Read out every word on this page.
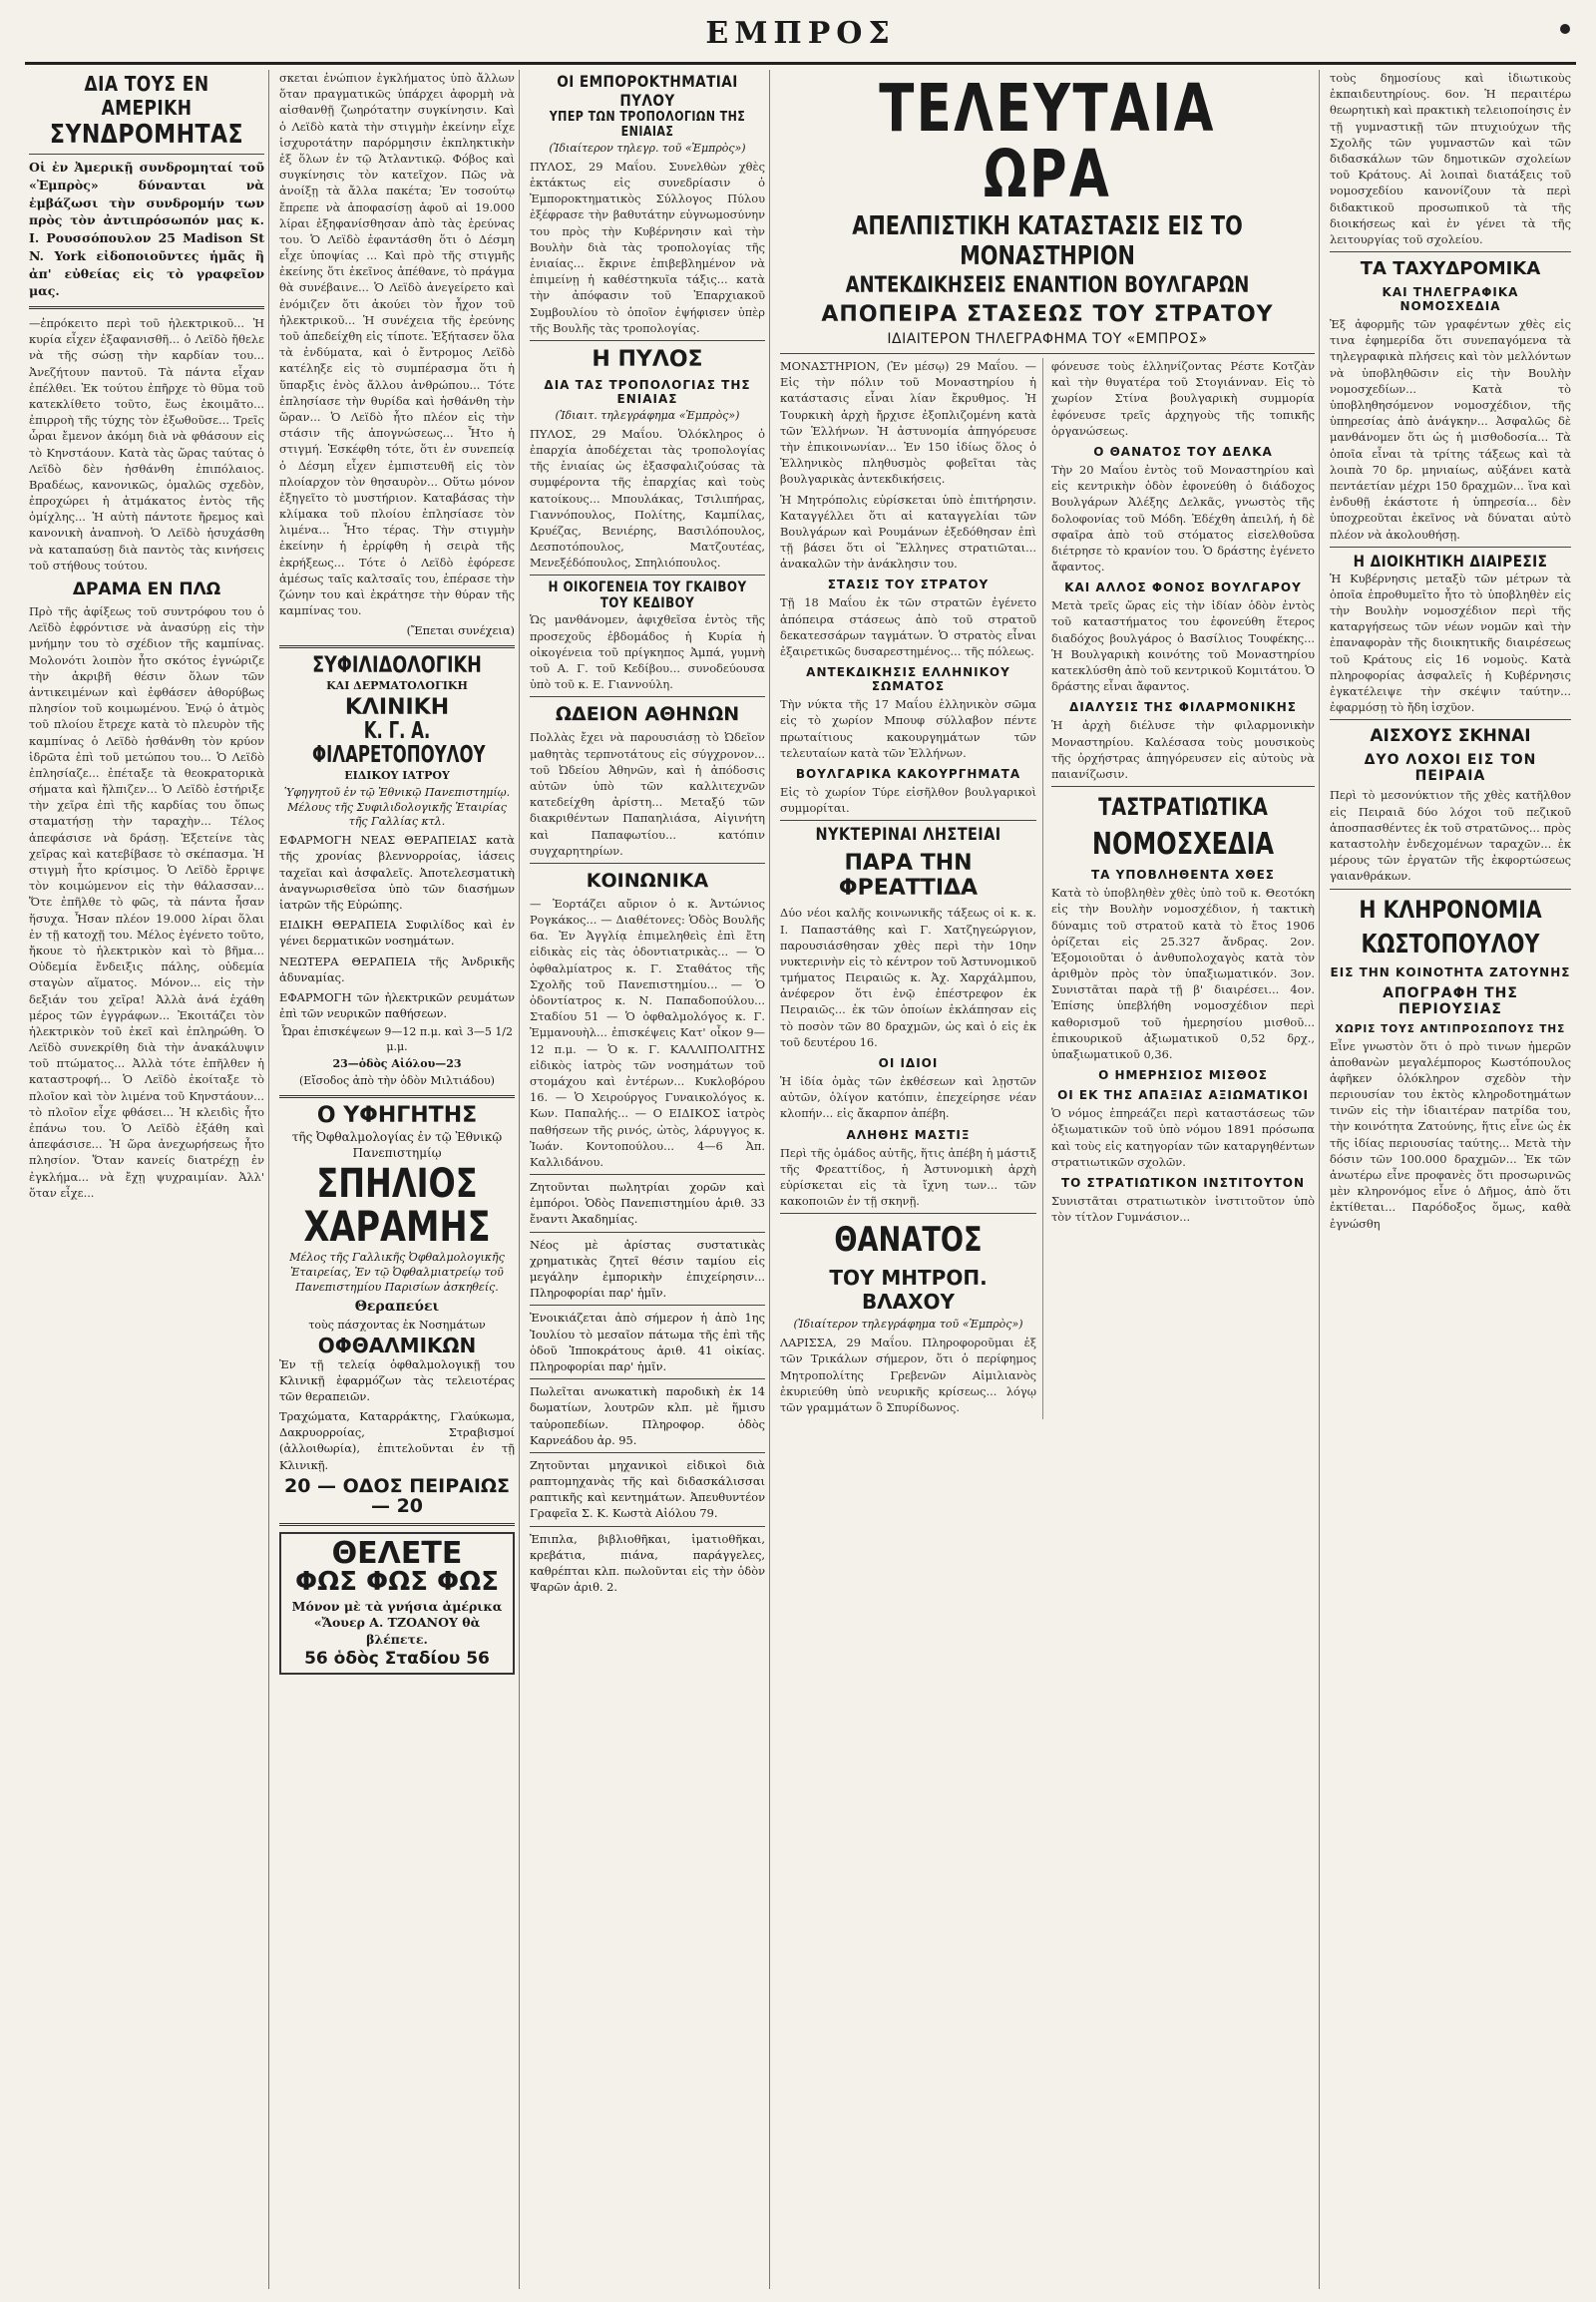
ΕΜΠΡΟΣ
ΔΙΑ ΤΟΥΣ ΕΝ ΑΜΕΡΙΚΗ
ΣΥΝΔΡΟΜΗΤΑΣ

Οἱ ἐν Ἀμερικῇ συνδρομηταί τοῦ «Ἐμπρὸς» δύνανται νὰ ἐμβάζωσι τὴν συνδρομήν των πρὸς τὸν ἀντιπρόσωπόν μας κ. Ι. Ρουσσόπουλον 25 Madison St N. York εἰδοποιοῦντες ἡμᾶς ἢ ἀπ' εὐθείας εἰς τὸ γραφεῖον μας.

—ἐπρόκειτο περὶ τοῦ ἠλεκτρικοῦ... Ἡ κυρία εἶχεν ἐξαφανισθῆ... ὁ Λεϊδὸ ἤθελε νὰ τῆς σώσῃ τὴν καρδίαν του... Ἀνεζήτουν παντοῦ. Τὰ πάντα εἶχαν ἐπέλθει. Ἐκ τούτου ἐπῆρχε τὸ θῦμα τοῦ κατεκλίθετο τοῦτο, ἕως ἐκοιμᾶτο... ἐπιρροὴ τῆς τύχης τὸν ἐξωθοῦσε... Τρεῖς ὧραι ἔμενον ἀκόμη διὰ νὰ φθάσουν εἰς τὸ Κηνστάουν. Κατὰ τὰς ὥρας ταύτας ὁ Λεϊδὸ δὲν ἠσθάνθη ἐπιπόλαιος. Βραδέως, κανονικῶς, ὁμαλῶς σχεδὸν, ἐπροχώρει ἡ ἀτμάκατος ἐντὸς τῆς ὁμίχλης... Ἡ αὐτὴ πάντοτε ἤρεμος καὶ κανονικὴ ἀναπνοὴ. Ὁ Λεϊδὸ ἡσυχάσθη νὰ καταπαύσῃ διὰ παντὸς τὰς κινήσεις τοῦ στήθους τούτου.

ΔΡΑΜΑ ΕΝ ΠΛΩ

Πρὸ τῆς ἀφίξεως τοῦ συντρόφου του ὁ Λεϊδὸ ἐφρόντισε νὰ ἀνασύρῃ εἰς τὴν μνήμην του τὸ σχέδιον τῆς καμπίνας. Μολονότι λοιπὸν ἦτο σκότος ἐγνώριζε τὴν ἀκριβῆ θέσιν ὅλων τῶν ἀντικειμένων καὶ ἐφθάσεν ἀθορύβως πλησίον τοῦ κοιμωμένου. Ἐνῴ ὁ ἀτμὸς τοῦ πλοίου ἔτρεχε κατὰ τὸ πλευρὸν τῆς καμπίνας ὁ Λεϊδὸ ἠσθάνθη τὸν κρύον ἱδρῶτα ἐπὶ τοῦ μετώπου του... Ὁ Λεϊδὸ ἐπλησίαζε... ἐπέταξε τὰ θεοκρατορικὰ σήματα καὶ ἤλπιζεν... Ὁ Λεϊδὸ ἐστήριξε τὴν χεῖρα ἐπὶ τῆς καρδίας του ὅπως σταματήσῃ τὴν ταραχὴν... Τέλος ἀπεφάσισε νὰ δράσῃ. Ἐξετείνε τὰς χεῖρας καὶ κατεβίβασε τὸ σκέπασμα. Ἡ στιγμὴ ἦτο κρίσιμος. Ὁ Λεϊδὸ ἔρριψε τὸν κοιμώμενον εἰς τὴν θάλασσαν... Ὅτε ἐπῆλθε τὸ φῶς, τὰ πάντα ἦσαν ἥσυχα. Ἦσαν πλέον 19.000 λίραι ὅλαι ἐν τῇ κατοχῇ του. Μέλος ἐγένετο τοῦτο, ἤκουε τὸ ἠλεκτρικὸν καὶ τὸ βῆμα... Οὐδεμία ἔνδειξις πάλης, οὐδεμία σταγὼν αἵματος. Μόνον... εἰς τὴν δεξιάν του χεῖρα! Ἀλλὰ ἀνά ἐχάθη μέρος τῶν ἐγγράφων... Ἐκοιτάζει τὸν ἠλεκτρικὸν τοῦ ἐκεῖ καὶ ἐπληρώθη. Ὁ Λεϊδὸ συνεκρίθη διὰ τὴν ἀνακάλυψιν τοῦ πτώματος... Ἀλλὰ τότε ἐπῆλθεν ἡ καταστροφή... Ὁ Λεϊδὸ ἐκοίταξε τὸ πλοῖον καὶ τὸν λιμένα τοῦ Κηνστάουν... τὸ πλοῖον εἶχε φθάσει... Ἡ κλειδὶς ἦτο ἐπάνω του. Ὁ Λεϊδὸ ἐξάθη καὶ ἀπεφάσισε... Ἡ ὥρα ἀνεχωρήσεως ἦτο πλησίον. Ὅταν κανείς διατρέχῃ ἐν ἐγκλήμα... νὰ ἔχῃ ψυχραιμίαν. Ἀλλ' ὅταν εἶχε...

σκεται ἐνώπιον ἐγκλήματος ὑπὸ ἄλλων ὅταν πραγματικῶς ὑπάρχει ἀφορμὴ νὰ αἰσθανθῇ ζωηρότατην συγκίνησιν. Καὶ ὁ Λεϊδὸ κατὰ τὴν στιγμὴν ἐκείνην εἶχε ἰσχυροτάτην παρόρμησιν ἐκπληκτικὴν ἐξ ὅλων ἐν τῷ Ἀτλαντικῷ. Φόβος καὶ συγκίνησις τὸν κατεῖχον. Πῶς νὰ ἀνοίξῃ τὰ ἄλλα πακέτα; Ἐν τοσούτῳ ἔπρεπε νὰ ἀποφασίσῃ ἀφοῦ αἱ 19.000 λίραι ἐξηφανίσθησαν ἀπὸ τὰς ἐρεύνας του. Ὁ Λεϊδὸ ἐφαντάσθη ὅτι ὁ Δέσμη εἶχε ὑποψίας ... Καὶ πρὸ τῆς στιγμῆς ἐκείνης ὅτι ἐκεῖνος ἀπέθανε, τὸ πράγμα θὰ συνέβαινε... Ὁ Λεϊδὸ ἀνεγείρετο καὶ ἐνόμιζεν ὅτι ἀκούει τὸν ἦχον τοῦ ἠλεκτρικοῦ... Ἡ συνέχεια τῆς ἐρεύνης τοῦ ἀπεδείχθη εἰς τίποτε. Ἐξήτασεν ὅλα τὰ ἐνδύματα, καὶ ὁ ἔντρομος Λεϊδὸ κατέληξε εἰς τὸ συμπέρασμα ὅτι ἡ ὕπαρξις ἑνὸς ἄλλου ἀνθρώπου... Τότε ἐπλησίασε τὴν θυρίδα καὶ ἠσθάνθη τὴν ὥραν... Ὁ Λεϊδὸ ἦτο πλέον εἰς τὴν στάσιν τῆς ἀπογνώσεως... Ἦτο ἡ στιγμή. Ἐσκέφθη τότε, ὅτι ἐν συνεπείᾳ ὁ Δέσμη εἶχεν ἐμπιστευθῆ εἰς τὸν πλοίαρχον τὸν θησαυρὸν... Οὕτω μόνον ἐξηγεῖτο τὸ μυστήριον. Καταβάσας τὴν κλίμακα τοῦ πλοίου ἐπλησίασε τὸν λιμένα... Ἦτο τέρας. Τὴν στιγμὴν ἐκείνην ἡ ἐρρίφθη ἡ σειρὰ τῆς ἐκρήξεως... Τότε ὁ Λεϊδὸ ἐφόρεσε ἀμέσως ταῖς καλτσαῖς του, ἐπέρασε τὴν ζώνην του καὶ ἐκράτησε τὴν θύραν τῆς καμπίνας του.

(Ἔπεται συνέχεια)

ΣΥΦΙΛΙΔΟΛΟΓΙΚΗ
ΚΑΙ ΔΕΡΜΑΤΟΛΟΓΙΚΗ
ΚΛΙΝΙΚΗ
Κ. Γ. Α. ΦΙΛΑΡΕΤΟΠΟΥΛΟΥ
ΕΙΔΙΚΟΥ ΙΑΤΡΟΥ
Ὑφηγητοῦ ἐν τῷ Ἐθνικῷ Πανεπιστημίῳ. Μέλους τῆς Συφιλιδολογικῆς Ἑταιρίας τῆς Γαλλίας κτλ.

ΕΦΑΡΜΟΓΗ ΝΕΑΣ ΘΕΡΑΠΕΙΑΣ κατὰ τῆς χρονίας βλεννορροίας, ἰάσεις ταχεῖαι καὶ ἀσφαλεῖς. Ἀποτελεσματικὴ ἀναγνωρισθεῖσα ὑπὸ τῶν διασήμων ἰατρῶν τῆς Εὐρώπης.

ΕΙΔΙΚΗ ΘΕΡΑΠΕΙΑ Συφιλίδος καὶ ἐν γένει δερματικῶν νοσημάτων.

ΝΕΩΤΕΡΑ ΘΕΡΑΠΕΙΑ τῆς Ἀνδρικῆς ἀδυναμίας.

ΕΦΑΡΜΟΓΗ τῶν ἠλεκτρικῶν ρευμάτων ἐπὶ τῶν νευρικῶν παθήσεων.

Ὧραι ἐπισκέψεων 9—12 π.μ. καὶ 3—5 1/2 μ.μ.
23—ὁδὸς Αἰόλου—23
(Εἴσοδος ἀπὸ τὴν ὁδὸν Μιλτιάδου)
Ο ΥΦΗΓΗΤΗΣ
τῆς Ὀφθαλμολογίας ἐν τῷ Ἐθνικῷ Πανεπιστημίῳ
ΣΠΗΛΙΟΣ
ΧΑΡΑΜΗΣ
Μέλος τῆς Γαλλικῆς Ὀφθαλμολογικῆς Ἑταιρείας, Ἐν τῷ Ὀφθαλμιατρείῳ τοῦ Πανεπιστημίου Παρισίων ἀσκηθείς.
Θεραπεύει
τοὺς πάσχοντας ἐκ Νοσημάτων
ΟΦΘΑΛΜΙΚΩΝ

Ἐν τῇ τελείᾳ ὀφθαλμολογικῇ του Κλινικῇ ἐφαρμόζων τὰς τελειοτέρας τῶν θεραπειῶν.

Τραχώματα, Καταρράκτης, Γλαύκωμα, Δακρυορροίας, Στραβισμοί (ἀλλοιθωρία), ἐπιτελοῦνται ἐν τῇ Κλινικῇ.

20 — ΟΔΟΣ ΠΕΙΡΑΙΩΣ — 20
ΘΕΛΕΤΕ
ΦΩΣ ΦΩΣ ΦΩΣ
Μόνον μὲ τὰ γνήσια ἀμέρικα «Ἄουερ Α. ΤΖΟΑΝΟΥ θὰ βλέπετε.
56 ὁδὸς Σταδίου 56
ΟΙ ΕΜΠΟΡΟΚΤΗΜΑΤΙΑΙ ΠΥΛΟΥ
ΥΠΕΡ ΤΩΝ ΤΡΟΠΟΛΟΓΙΩΝ ΤΗΣ ΕΝΙΑΙΑΣ
(Ἰδιαίτερον τηλεγρ. τοῦ «Ἐμπρὸς»)

ΠΥΛΟΣ, 29 Μαΐου. Συνελθὼν χθὲς ἐκτάκτως εἰς συνεδρίασιν ὁ Ἐμποροκτηματικὸς Σύλλογος Πύλου ἐξέφρασε τὴν βαθυτάτην εὐγνωμοσύνην του πρὸς τὴν Κυβέρνησιν καὶ τὴν Βουλὴν διὰ τὰς τροπολογίας τῆς ἑνιαίας... ἔκρινε ἐπιβεβλημένον νὰ ἐπιμείνῃ ἡ καθέστηκυῖα τάξις... κατὰ τὴν ἀπόφασιν τοῦ Ἐπαρχιακοῦ Συμβουλίου τὸ ὁποῖον ἐψήφισεν ὑπὲρ τῆς Βουλῆς τὰς τροπολογίας.

Η ΠΥΛΟΣ
ΔΙΑ ΤΑΣ ΤΡΟΠΟΛΟΓΙΑΣ ΤΗΣ ΕΝΙΑΙΑΣ
(Ἰδιαιτ. τηλεγράφημα «Ἐμπρὸς»)

ΠΥΛΟΣ, 29 Μαΐου. Ὁλόκληρος ὁ ἐπαρχία ἀποδέχεται τὰς τροπολογίας τῆς ἑνιαίας ὡς ἐξασφαλιζούσας τὰ συμφέροντα τῆς ἐπαρχίας καὶ τοὺς κατοίκους... Μπουλάκας, Τσιλιπήρας, Γιαννόπουλος, Πολίτης, Καμπίλας, Κρυέζας, Βενιέρης, Βασιλόπουλος, Δεσποτόπουλος, Ματζουτέας, Μενεξέδόπουλος, Σπηλιόπουλος.

Η ΟΙΚΟΓΕΝΕΙΑ ΤΟΥ ΓΚΑΙΒΟΥ ΤΟΥ ΚΕΔΙΒΟΥ

Ὡς μανθάνομεν, ἀφιχθεῖσα ἐντὸς τῆς προσεχοῦς ἑβδομάδος ἡ Κυρία ἡ οἰκογένεια τοῦ πρίγκηπος Ἀμπά, γυμνὴ τοῦ Α. Γ. τοῦ Κεδίβου... συνοδεύουσα ὑπὸ τοῦ κ. Ε. Γιαννούλη.

ΩΔΕΙΟΝ ΑΘΗΝΩΝ

Πολλὰς ἔχει νὰ παρουσιάσῃ τὸ Ὠδεῖον μαθητὰς τερπνοτάτους εἰς σύγχρονον... τοῦ Ὠδείου Ἀθηνῶν, καὶ ἡ ἀπόδοσις αὐτῶν ὑπὸ τῶν καλλιτεχνῶν κατεδείχθη ἀρίστη... Μεταξύ τῶν διακριθέντων Παπαηλιάσα, Αἰγινήτη καὶ Παπαφωτίου... κατόπιν συγχαρητηρίων.

ΚΟΙΝΩΝΙΚΑ

— Ἐορτάζει αὔριον ὁ κ. Ἀντώνιος Ρογκάκος... — Διαθέτονες: Ὁδὸς Βουλῆς 6α. Ἐν Ἀγγλίᾳ ἐπιμεληθεὶς ἐπὶ ἔτη εἰδικὰς εἰς τὰς ὀδοντιατρικὰς... — Ὁ ὀφθαλμίατρος κ. Γ. Σταθάτος τῆς Σχολῆς τοῦ Πανεπιστημίου... — Ὁ ὀδοντίατρος κ. Ν. Παπαδοπούλου... Σταδίου 51 — Ὁ ὀφθαλμολόγος κ. Γ. Ἐμμανουὴλ... ἐπισκέψεις Κατ' οἶκον 9—12 π.μ. — Ὁ κ. Γ. ΚΑΛΛΙΠΟΛΙΤΗΣ εἰδικὸς ἰατρὸς τῶν νοσημάτων τοῦ στομάχου καὶ ἐντέρων... Κυκλοβόρου 16. — Ὁ Χειρούργος Γυναικολόγος κ. Κων. Παπαλής... — Ο ΕΙΔΙΚΟΣ ἰατρὸς παθήσεων τῆς ρινός, ὠτὸς, λάρυγγος κ. Ἰωάν. Κοντοπούλου... 4—6 Ἀπ. Καλλιδάνου.

Ζητοῦνται πωλητρίαι χορῶν καὶ ἐμπόροι. Ὁδὸς Πανεπιστημίου ἀριθ. 33 ἔναντι Ἀκαδημίας.

Νέος μὲ ἀρίστας συστατικὰς χρηματικὰς ζητεῖ θέσιν ταμίου εἰς μεγάλην ἐμπορικὴν ἐπιχείρησιν... Πληροφορίαι παρ' ἡμῖν.

Ἐνοικιάζεται ἀπὸ σήμερον ἡ ἀπὸ 1ης Ἰουλίου τὸ μεσαῖον πάτωμα τῆς ἐπὶ τῆς ὁδοῦ Ἱπποκράτους ἀριθ. 41 οἰκίας. Πληροφορίαι παρ' ἡμῖν.

Πωλεῖται ανωκατικὴ παροδικὴ ἐκ 14 δωματίων, λουτρῶν κλπ. μὲ ἥμισυ ταὐροπεδίων. Πληροφορ. ὁδὸς Καρνεάδου ἀρ. 95.

Ζητοῦνται μηχανικοὶ εἰδικοὶ διὰ ραπτομηχανὰς τῆς καὶ διδασκάλισσαι ραπτικῆς καὶ κεντημάτων. Ἀπευθυντέον Γραφεῖα Σ. Κ. Κωστὰ Αἰόλου 79.

Ἐπιπλα, βιβλιοθῆκαι, ἱματιοθῆκαι, κρεβάτια, πιάνα, παράγγελες, καθρέπται κλπ. πωλοῦνται εἰς τὴν ὁδὸν Ψαρῶν ἀριθ. 2.

ΤΕΛΕΥΤΑΙΑ ΩΡΑ
ΑΠΕΛΠΙΣΤΙΚΗ ΚΑΤΑΣΤΑΣΙΣ ΕΙΣ ΤΟ ΜΟΝΑΣΤΗΡΙΟΝ
ΑΝΤΕΚΔΙΚΗΣΕΙΣ ΕΝΑΝΤΙΟΝ ΒΟΥΛΓΑΡΩΝ
ΑΠΟΠΕΙΡΑ ΣΤΑΣΕΩΣ ΤΟΥ ΣΤΡΑΤΟΥ
ΙΔΙΑΙΤΕΡΟΝ ΤΗΛΕΓΡΑΦΗΜΑ ΤΟΥ «ΕΜΠΡΟΣ»

ΜΟΝΑΣΤΗΡΙΟΝ, (Ἐν μέσῳ) 29 Μαΐου. — Εἰς τὴν πόλιν τοῦ Μοναστηρίου ἡ κατάστασις εἶναι λίαν ἔκρυθμος. Ἡ Τουρκικὴ ἀρχὴ ἤρχισε ἐξοπλιζομένη κατὰ τῶν Ἑλλήνων. Ἡ ἀστυνομία ἀπηγόρευσε τὴν ἐπικοινωνίαν... Ἐν 150 ἰδίως ὅλος ὁ Ἑλληνικὸς πληθυσμὸς φοβεῖται τὰς βουλγαρικὰς ἀντεκδικήσεις.

Ἡ Μητρόπολις εὑρίσκεται ὑπὸ ἐπιτήρησιν. Καταγγέλλει ὅτι αἱ καταγγελίαι τῶν Βουλγάρων καὶ Ρουμάνων ἐξεδόθησαν ἐπὶ τῇ βάσει ὅτι οἱ Ἕλληνες στρατιῶται... ἀνακαλῶν τὴν ἀνάκλησιν του.

ΣΤΑΣΙΣ ΤΟΥ ΣΤΡΑΤΟΥ

Τῇ 18 Μαΐου ἐκ τῶν στρατῶν ἐγένετο ἀπόπειρα στάσεως ἀπὸ τοῦ στρατοῦ δεκατεσσάρων ταγμάτων. Ὁ στρατὸς εἶναι ἐξαιρετικῶς δυσαρεστημένος... τῆς πόλεως.

ΑΝΤΕΚΔΙΚΗΣΙΣ ΕΛΛΗΝΙΚΟΥ ΣΩΜΑΤΟΣ

Τὴν νύκτα τῆς 17 Μαΐου ἑλληνικὸν σῶμα εἰς τὸ χωρίον Μπουφ σύλλαβον πέντε πρωταίτιους κακουργημάτων τῶν τελευταίων κατὰ τῶν Ἑλλήνων.

ΒΟΥΛΓΑΡΙΚΑ ΚΑΚΟΥΡΓΗΜΑΤΑ

Εἰς τὸ χωρίον Τύρε εἰσῆλθον βουλγαρικοὶ συμμορίται.

ΝΥΚΤΕΡΙΝΑΙ ΛΗΣΤΕΙΑΙ
ΠΑΡΑ ΤΗΝ ΦΡΕΑΤΤΙΔΑ

Δύο νέοι καλῆς κοινωνικῆς τάξεως οἱ κ. κ. Ι. Παπαστάθης καὶ Γ. Χατζηγεώργιον, παρουσιάσθησαν χθὲς περὶ τὴν 10ην νυκτερινὴν εἰς τὸ κέντρον τοῦ Ἀστυνομικοῦ τμήματος Πειραιῶς κ. Ἀχ. Χαρχάλμπου, ἀνέφερον ὅτι ἐνῷ ἐπέστρεφον ἐκ Πειραιῶς... ἐκ τῶν ὁποίων ἐκλάπησαν εἰς τὸ ποσὸν τῶν 80 δραχμῶν, ὡς καὶ ὁ εἰς ἐκ τοῦ δευτέρου 16.

ΟΙ ΙΔΙΟΙ

Ἡ ἰδία ὁμὰς τῶν ἐκθέσεων καὶ λῃστῶν αὐτῶν, ὀλίγον κατόπιν, ἐπεχείρησε νέαν κλοπήν... εἰς ἄκαρπον ἀπέβη.

ΑΛΗΘΗΣ ΜΑΣΤΙΞ

Περὶ τῆς ὁμάδος αὐτῆς, ἥτις ἀπέβη ἡ μάστιξ τῆς Φρεαττίδος, ἡ Ἀστυνομικὴ ἀρχὴ εὑρίσκεται εἰς τὰ ἴχνη των... τῶν κακοποιῶν ἐν τῇ σκηνῇ.

ΘΑΝΑΤΟΣ
ΤΟΥ ΜΗΤΡΟΠ. ΒΛΑΧΟΥ
(Ἰδιαίτερον τηλεγράφημα τοῦ «Ἐμπρὸς»)

ΛΑΡΙΣΣΑ, 29 Μαΐου. Πληροφοροῦμαι ἐξ τῶν Τρικάλων σήμερον, ὅτι ὁ περίφημος Μητροπολίτης Γρεβενῶν Αἰμιλιανὸς ἐκυριεύθη ὑπὸ νευρικῆς κρίσεως... λόγῳ τῶν γραμμάτων ὃ Σπυρίδωνος.

φόνευσε τοὺς ἑλληνίζοντας Ρέστε Κοτζὰν καὶ τὴν θυγατέρα τοῦ Στογιάνναν. Εἰς τὸ χωρίον Στίνα βουλγαρικὴ συμμορία ἐφόνευσε τρεῖς ἀρχηγοὺς τῆς τοπικῆς ὀργανώσεως.

Ο ΘΑΝΑΤΟΣ ΤΟΥ ΔΕΛΚΑ

Τὴν 20 Μαΐου ἐντὸς τοῦ Μοναστηρίου καὶ εἰς κεντρικὴν ὁδὸν ἐφονεύθη ὁ διάδοχος Βουλγάρων Ἀλέξης Δελκᾶς, γνωστὸς τῆς δολοφονίας τοῦ Μόδη. Ἐδέχθη ἀπειλή, ἡ δὲ σφαῖρα ἀπὸ τοῦ στόματος εἰσελθοῦσα διέτρησε τὸ κρανίον του. Ὁ δράστης ἐγένετο ἄφαντος.

ΚΑΙ ΑΛΛΟΣ ΦΟΝΟΣ ΒΟΥΛΓΑΡΟΥ

Μετὰ τρεῖς ὥρας εἰς τὴν ἰδίαν ὁδὸν ἐντὸς τοῦ καταστήματος του ἐφονεύθη ἕτερος διαδόχος βουλγάρος ὁ Βασίλιος Τουφέκης... Ἡ Βουλγαρικὴ κοινότης τοῦ Μοναστηρίου κατεκλύσθη ἀπὸ τοῦ κεντρικοῦ Κομιτάτου. Ὁ δράστης εἶναι ἄφαντος.

ΔΙΑΛΥΣΙΣ ΤΗΣ ΦΙΛΑΡΜΟΝΙΚΗΣ

Ἡ ἀρχὴ διέλυσε τὴν φιλαρμονικὴν Μοναστηρίου. Καλέσασα τοὺς μουσικοὺς τῆς ὀρχήστρας ἀπηγόρευσεν εἰς αὐτοὺς νὰ παιανίζωσιν.

ΤΑΣΤΡΑΤΙΩΤΙΚΑ
ΝΟΜΟΣΧΕΔΙΑ
ΤΑ ΥΠΟΒΛΗΘΕΝΤΑ ΧΘΕΣ

Κατὰ τὸ ὑποβληθὲν χθὲς ὑπὸ τοῦ κ. Θεοτόκη εἰς τὴν Βουλὴν νομοσχέδιον, ἡ τακτικὴ δύναμις τοῦ στρατοῦ κατὰ τὸ ἔτος 1906 ὁρίζεται εἰς 25.327 ἄνδρας. 2ον. Ἐξομοιοῦται ὁ ἀνθυπολοχαγὸς κατὰ τὸν ἀριθμὸν πρὸς τὸν ὑπαξιωματικόν. 3ον. Συνιστᾶται παρὰ τῇ β' διαιρέσει... 4ον. Ἐπίσης ὑπεβλήθη νομοσχέδιον περὶ καθορισμοῦ τοῦ ἡμερησίου μισθοῦ... ἐπικουρικοῦ ἀξιωματικοῦ 0,52 δρχ., ὑπαξιωματικοῦ 0,36.

Ο ΗΜΕΡΗΣΙΟΣ ΜΙΣΘΟΣ
ΟΙ ΕΚ ΤΗΣ ΑΠΑΞΙΑΣ ΑΞΙΩΜΑΤΙΚΟΙ

Ὁ νόμος ἐπηρεάζει περὶ καταστάσεως τῶν ὀξιωματικῶν τοῦ ὑπὸ νόμου 1891 πρόσωπα καὶ τοὺς εἰς κατηγορίαν τῶν καταργηθέντων στρατιωτικῶν σχολῶν.

ΤΟ ΣΤΡΑΤΙΩΤΙΚΟΝ ΙΝΣΤΙΤΟΥΤΟΝ

Συνιστᾶται στρατιωτικὸν ἰνστιτοῦτον ὑπὸ τὸν τίτλον Γυμνάσιον...

τοὺς δημοσίους καὶ ἰδιωτικοὺς ἐκπαιδευτηρίους. 6ον. Ἡ περαιτέρω θεωρητικὴ καὶ πρακτικὴ τελειοποίησις ἐν τῇ γυμναστικῇ τῶν πτυχιούχων τῆς Σχολῆς τῶν γυμναστῶν καὶ τῶν διδασκάλων τῶν δημοτικῶν σχολείων τοῦ Κράτους. Αἱ λοιπαὶ διατάξεις τοῦ νομοσχεδίου κανονίζουν τὰ περὶ διδακτικοῦ προσωπικοῦ τὰ τῆς διοικήσεως καὶ ἐν γένει τὰ τῆς λειτουργίας τοῦ σχολείου.

ΤΑ ΤΑΧΥΔΡΟΜΙΚΑ
ΚΑΙ ΤΗΛΕΓΡΑΦΙΚΑ ΝΟΜΟΣΧΕΔΙΑ

Ἐξ ἀφορμῆς τῶν γραφέντων χθὲς εἰς τινα ἐφημερίδα ὅτι συνεπαγόμενα τὰ τηλεγραφικὰ πλήσεις καὶ τὸν μελλόντων νὰ ὑποβληθῶσιν εἰς τὴν Βουλὴν νομοσχεδίων... Κατὰ τὸ ὑποβληθησόμενον νομοσχέδιον, τῆς ὑπηρεσίας ἀπὸ ἀνάγκην... Ἀσφαλῶς δὲ μανθάνομεν ὅτι ὡς ἡ μισθοδοσία... Τὰ ὁποῖα εἶναι τὰ τρίτης τάξεως καὶ τὰ λοιπὰ 70 δρ. μηνιαίως, αὐξάνει κατὰ πεντάετίαν μέχρι 150 δραχμῶν... ἵνα καὶ ἐνδυθῇ ἑκάστοτε ἡ ὑπηρεσία... δὲν ὑποχρεοῦται ἐκεῖνος νὰ δύναται αὐτὸ πλέον νὰ ἀκολουθήσῃ.

Η ΔΙΟΙΚΗΤΙΚΗ ΔΙΑΙΡΕΣΙΣ

Ἡ Κυβέρνησις μεταξὺ τῶν μέτρων τὰ ὁποῖα ἐπροθυμεῖτο ἦτο τὸ ὑποβληθὲν εἰς τὴν Βουλὴν νομοσχέδιον περὶ τῆς καταργήσεως τῶν νέων νομῶν καὶ τὴν ἐπαναφορὰν τῆς διοικητικῆς διαιρέσεως τοῦ Κράτους εἰς 16 νομοὺς. Κατὰ πληροφορίας ἀσφαλεῖς ἡ Κυβέρνησις ἐγκατέλειψε τὴν σκέψιν ταύτην... ἐφαρμόσῃ τὸ ἤδη ἰσχῦον.

ΑΙΣΧΟΥΣ ΣΚΗΝΑΙ
ΔΥΟ ΛΟΧΟΙ ΕΙΣ ΤΟΝ ΠΕΙΡΑΙΑ

Περὶ τὸ μεσονύκτιον τῆς χθὲς κατῆλθον εἰς Πειραιᾶ δύο λόχοι τοῦ πεζικοῦ ἀποσπασθέντες ἐκ τοῦ στρατῶνος... πρὸς καταστολὴν ἐνδεχομένων ταραχῶν... ἐκ μέρους τῶν ἐργατῶν τῆς ἐκφορτώσεως γαιανθράκων.

Η ΚΛΗΡΟΝΟΜΙΑ
ΚΩΣΤΟΠΟΥΛΟΥ
ΕΙΣ ΤΗΝ ΚΟΙΝΟΤΗΤΑ ΖΑΤΟΥΝΗΣ
ΑΠΟΓΡΑΦΗ ΤΗΣ ΠΕΡΙΟΥΣΙΑΣ
ΧΩΡΙΣ ΤΟΥΣ ΑΝΤΙΠΡΟΣΩΠΟΥΣ ΤΗΣ

Εἶνε γνωστὸν ὅτι ὁ πρὸ τινων ἡμερῶν ἀποθανὼν μεγαλέμπορος Κωστόπουλος ἀφῆκεν ὁλόκληρον σχεδὸν τὴν περιουσίαν του ἐκτὸς κληροδοτημάτων τινῶν εἰς τὴν ἰδιαιτέραν πατρίδα του, τὴν κοινότητα Ζατούνης, ἥτις εἶνε ὡς ἐκ τῆς ἰδίας περιουσίας ταύτης... Μετὰ τὴν δόσιν τῶν 100.000 δραχμῶν... Ἐκ τῶν ἀνωτέρω εἶνε προφανὲς ὅτι προσωρινῶς μὲν κληρονόμος εἶνε ὁ Δῆμος, ἀπὸ ὅτι ἐκτίθεται... Παρόδοξος ὅμως, καθὰ ἐγνώσθη
